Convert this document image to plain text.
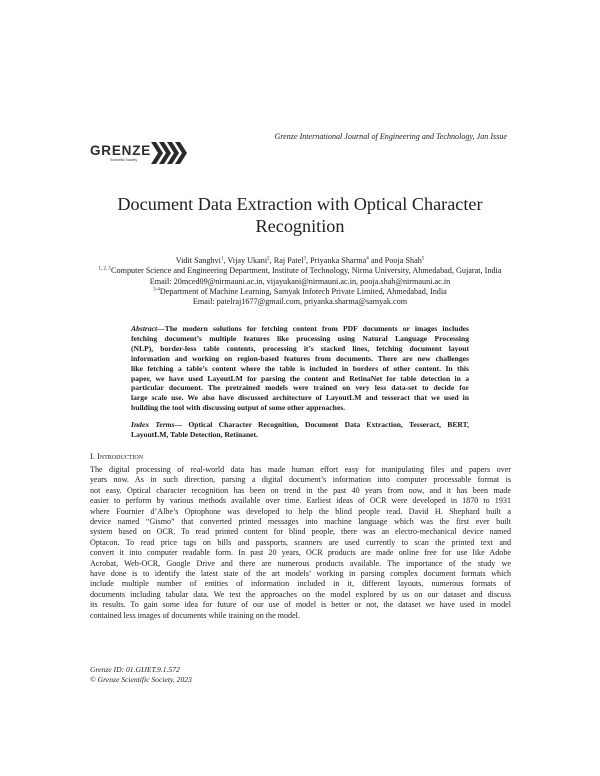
Grenze International Journal of Engineering and Technology, Jan Issue
GRENZE
Scientific Society
Document Data Extraction with Optical Character
Recognition
Vidit Sanghvi$^1$, Vijay Ukani$^2$, Raj Patel$^3$, Priyanka Sharma$^4$ and Pooja Shah$^5$
$^{1, 2, 5}$Computer Science and Engineering Department, Institute of Technology, Nirma University, Ahmedabad, Gujarat, India
Email: 20mced09@nirmauni.ac.in, vijayukani@nirmauni.ac.in, pooja.shah@nirmauni.ac.in
$^{3-4}$Department of Machine Learning, Samyak Infotech Private Limited, Ahmedabad, India
Email: patelraj1677@gmail.com, priyanka.sharma@samyak.com
Abstract—The modern solutions for fetching content from PDF documents or images includes
fetching document’s multiple features like processing using Natural Language Processing
(NLP), border-less table contents, processing it’s stacked lines, fetching document layout
information and working on region-based features from documents. There are new challenges
like fetching a table’s content where the table is included in borders of other content. In this
paper, we have used LayoutLM for parsing the content and RetinaNet for table detection in a
particular document. The pretrained models were trained on very less data-set to decide for
large scale use. We also have discussed architecture of LayoutLM and tesseract that we used in
building the tool with discussing output of some other approaches.
Index Terms— Optical Character Recognition, Document Data Extraction, Tesseract, BERT,
LayoutLM, Table Detection, Retinanet.
I. Introduction
The digital processing of real-world data has made human effort easy for manipulating files and papers over
years now. As in such direction, parsing a digital document’s information into computer processable format is
not easy. Optical character recognition has been on trend in the past 40 years from now, and it has been made
easier to perform by various methods available over time. Earliest ideas of OCR were developed in 1870 to 1931
where Fournier d’Albe’s Optophone was developed to help the blind people read. David H. Shephard built a
device named “Gismo” that converted printed messages into machine language which was the first ever built
system based on OCR. To read printed content for blind people, there was an electro-mechanical device named
Optacon. To read price tags on bills and passports, scanners are used currently to scan the printed text and
convert it into computer readable form. In past 20 years, OCR products are made online free for use like Adobe
Acrobat, Web-OCR, Google Drive and there are numerous products available. The importance of the study we
have done is to identify the latest state of the art models’ working in parsing complex document formats which
include multiple number of entities of information included in it, different layouts, numerous formats of
documents including tabular data. We test the approaches on the model explored by us on our dataset and discuss
its results. To gain some idea for future of our use of model is better or not, the dataset we have used in model
contained less images of documents while training on the model.
Grenze ID: 01.GIJET.9.1.572
© Grenze Scientific Society, 2023
